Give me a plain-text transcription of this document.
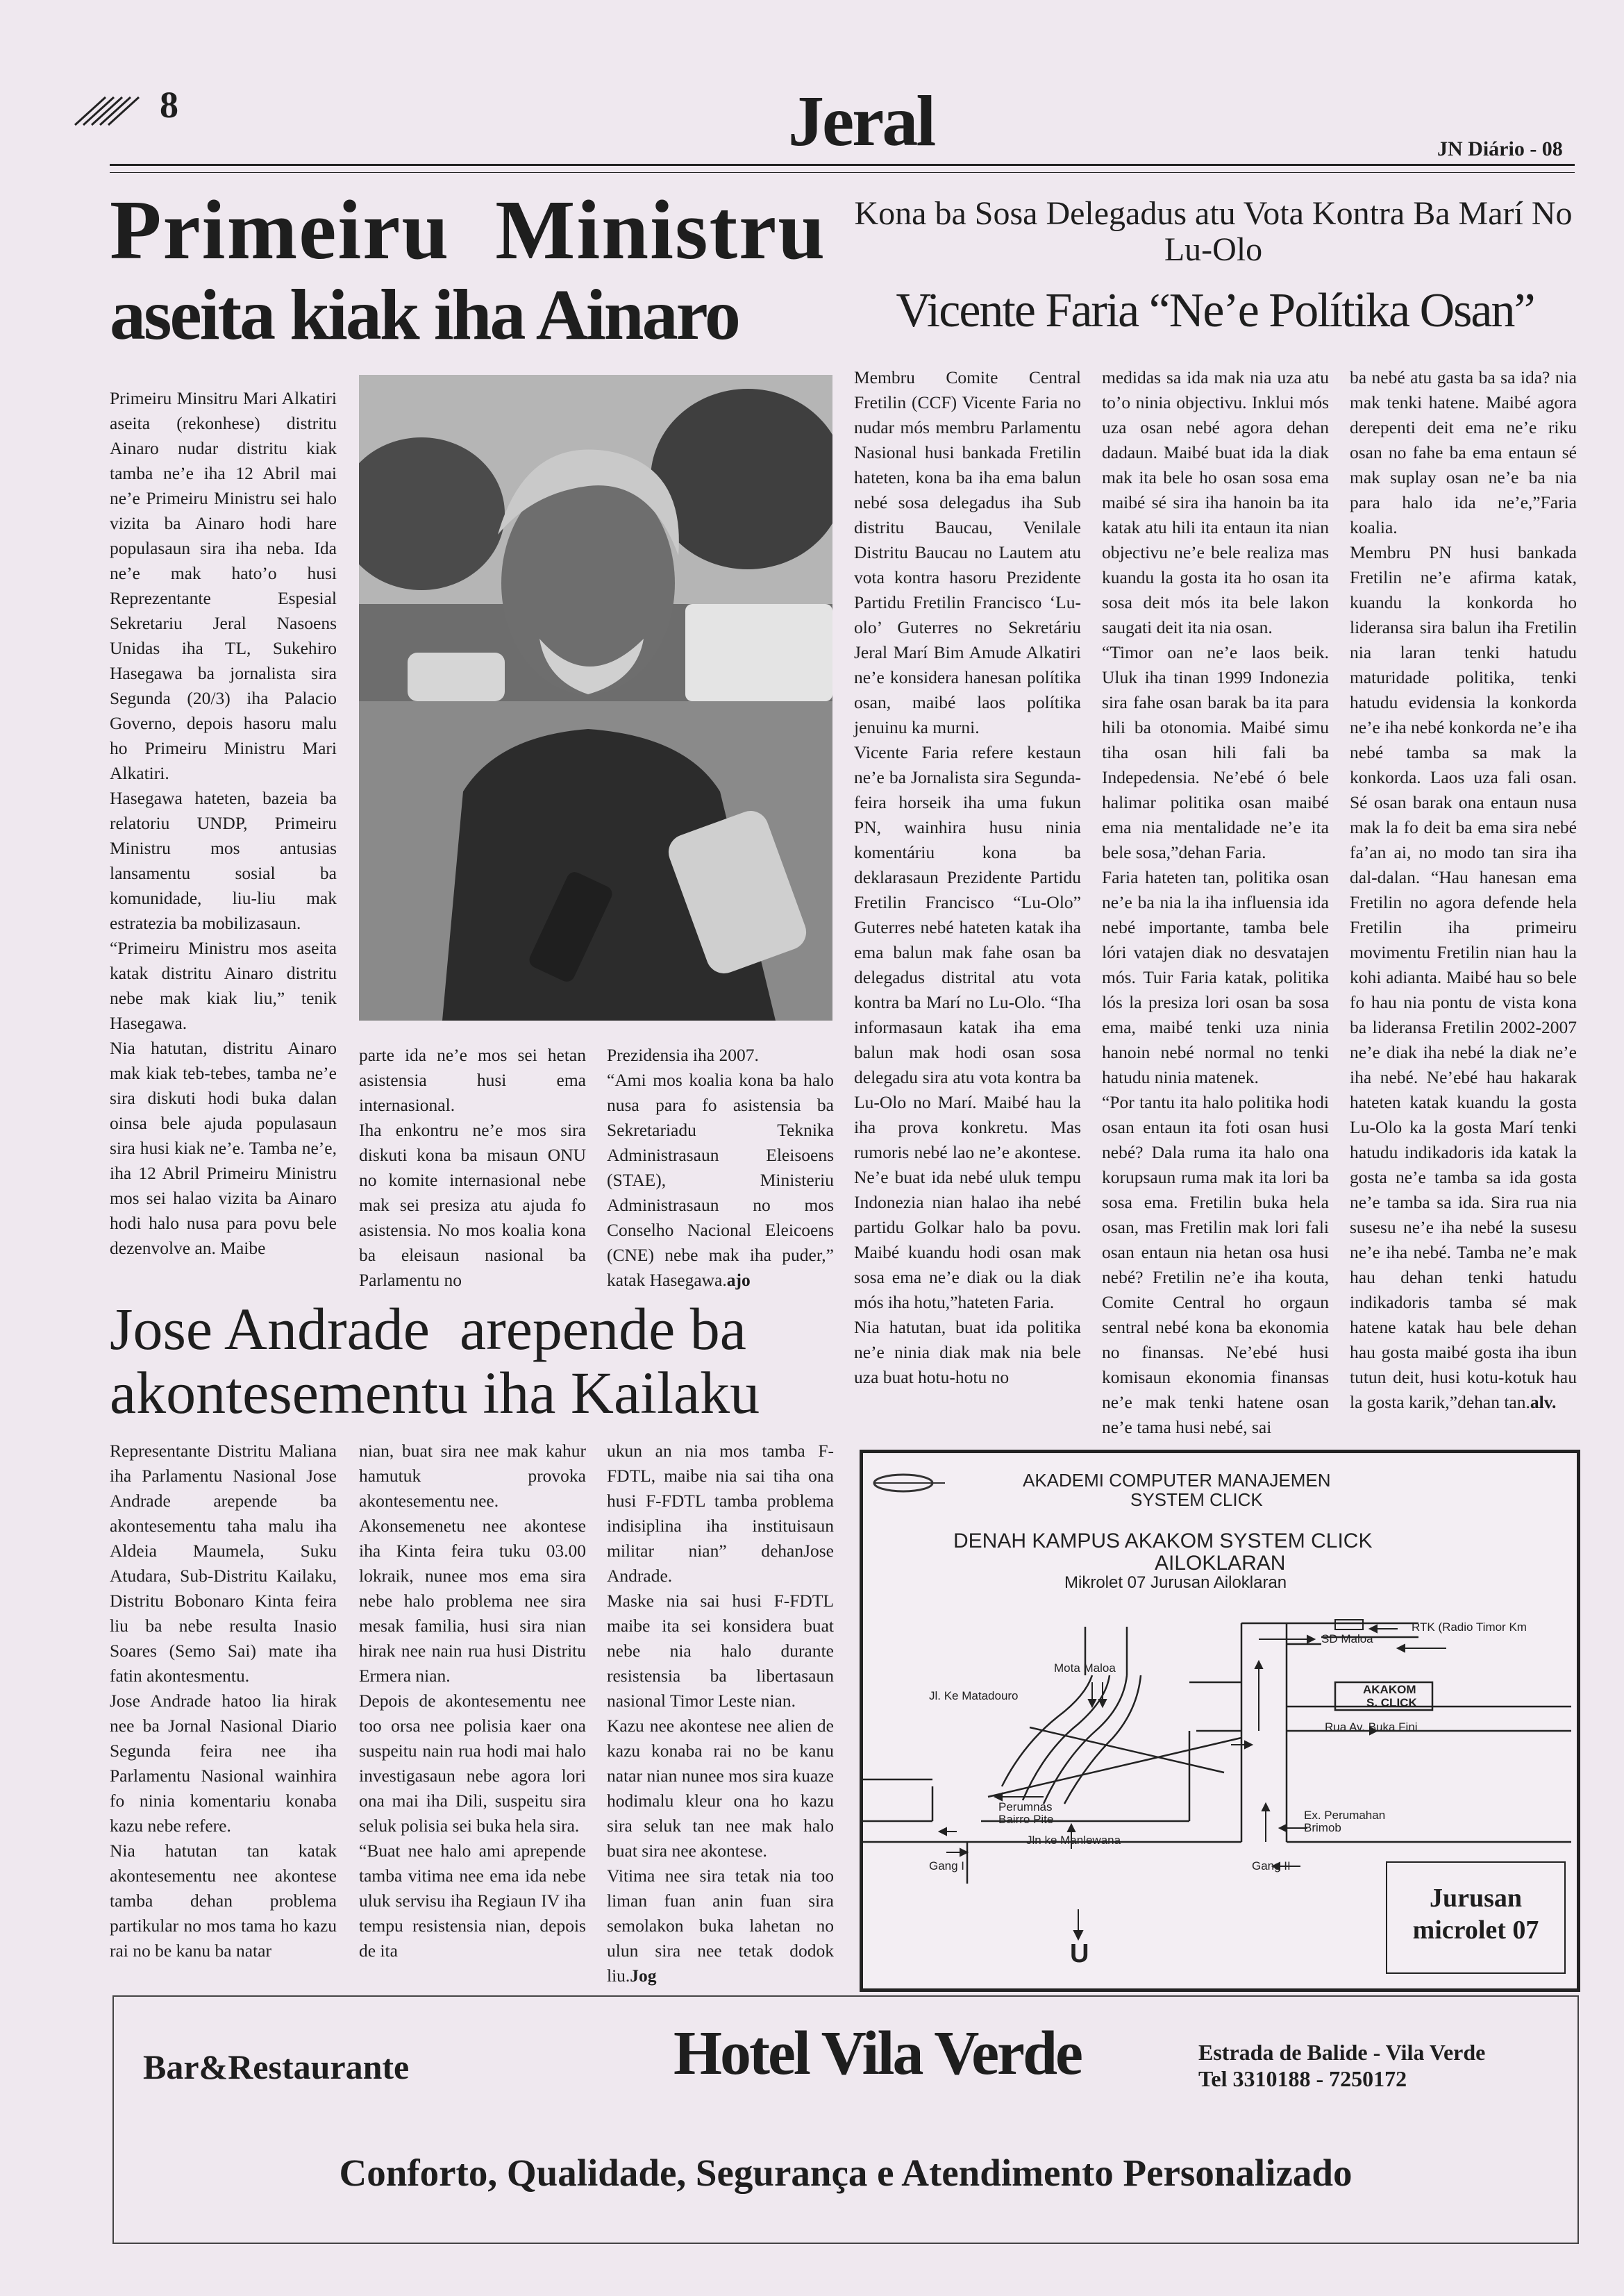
8	Jeral	JN Diário - 08
Primeiru  Ministru
aseita kiak iha Ainaro

Primeiru Minsitru Mari Alkatiri aseita (rekonhese) distritu Ainaro nudar distritu kiak tamba ne’e iha 12 Abril mai ne’e Primeiru Ministru sei halo vizita ba Ainaro hodi hare populasaun sira iha neba. Ida ne’e mak hato’o husi Reprezentante Espesial Sekretariu Jeral Nasoens Unidas iha TL, Sukehiro Hasegawa ba jornalista sira Segunda (20/3) iha Palacio Governo, depois hasoru malu ho Primeiru Ministru Mari Alkatiri.

Hasegawa hateten, bazeia ba relatoriu UNDP, Primeiru Ministru mos antusias lansamentu sosial ba komunidade, liu-liu mak estratezia ba mobilizasaun.

“Primeiru Ministru mos aseita katak distritu Ainaro distritu nebe mak kiak liu,” tenik Hasegawa.

Nia hatutan, distritu Ainaro mak kiak teb-tebes, tamba ne’e sira diskuti hodi buka dalan oinsa bele ajuda populasaun sira husi kiak ne’e. Tamba ne’e, iha 12 Abril Primeiru Ministru mos sei halao vizita ba Ainaro hodi halo nusa para povu bele dezenvolve an. Maibe

parte ida ne’e mos sei hetan asistensia husi ema internasional.

Iha enkontru ne’e mos sira diskuti kona ba misaun ONU no komite internasional nebe mak sei presiza atu ajuda fo asistensia. No mos koalia kona ba eleisaun nasional ba Parlamentu no

Prezidensia iha 2007.

“Ami mos koalia kona ba halo nusa para fo asistensia ba Sekretariadu Teknika Administrasaun Eleisoens (STAE), Ministeriu Administrasaun no mos Conselho Nacional Eleicoens (CNE) nebe mak iha puder,” katak Hasegawa.ajo

Jose Andrade  arepende ba
akontesementu iha Kailaku

Representante Distritu Maliana iha Parlamentu Nasional Jose Andrade arepende ba akontesementu taha malu iha Aldeia Maumela, Suku Atudara, Sub-Distritu Kailaku, Distritu Bobonaro Kinta feira liu ba nebe resulta Inasio Soares (Semo Sai) mate iha fatin akontesmentu.

Jose Andrade hatoo lia hirak nee ba Jornal Nasional Diario Segunda feira nee iha Parlamentu Nasional wainhira fo ninia komentariu konaba kazu nebe refere.

Nia hatutan tan katak akontesementu nee akontese tamba dehan problema partikular no mos tama ho kazu rai no be kanu ba natar

nian, buat sira nee mak kahur hamutuk provoka akontesementu nee.

Akonsemenetu nee akontese iha Kinta feira tuku 03.00 lokraik, nunee mos ema sira nebe halo problema nee sira mesak familia, husi sira nian hirak nee nain rua husi Distritu Ermera nian.

Depois de akontesementu nee too orsa nee polisia kaer ona suspeitu nain rua hodi mai halo investigasaun nebe agora lori ona mai iha Dili, suspeitu sira seluk polisia sei buka hela sira.

“Buat nee halo ami aprepende tamba vitima nee ema ida nebe uluk servisu iha Regiaun IV iha tempu resistensia nian, depois de ita

ukun an nia mos tamba F-FDTL, maibe nia sai tiha ona husi F-FDTL tamba problema indisiplina iha instituisaun militar nian” dehanJose Andrade.

Maske nia sai husi F-FDTL maibe ita sei konsidera buat nebe nia halo durante resistensia ba libertasaun nasional Timor Leste nian.

Kazu nee akontese nee alien de kazu konaba rai no be kanu natar nian nunee mos sira kuaze hodimalu kleur ona ho kazu sira seluk tan nee mak halo buat sira nee akontese.

Vitima nee sira tetak nia too liman fuan anin fuan sira semolakon buka lahetan no ulun sira nee tetak dodok liu.Jog

Kona ba Sosa Delegadus atu Vota Kontra Ba Marí No Lu-Olo
Vicente Faria “Ne’e Polítika Osan”

Membru Comite Central Fretilin (CCF) Vicente Faria no nudar mós membru Parlamentu Nasional husi bankada Fretilin hateten, kona ba iha ema balun nebé sosa delegadus iha Sub distritu Baucau, Venilale Distritu Baucau no Lautem atu vota kontra hasoru Prezidente Partidu Fretilin Francisco ‘Lu-olo’ Guterres no Sekretáriu Jeral Marí Bim Amude Alkatiri ne’e konsidera hanesan polítika osan, maibé laos polítika jenuinu ka murni.

Vicente Faria refere kestaun ne’e ba Jornalista sira Segunda-feira horseik iha uma fukun PN, wainhira husu ninia komentáriu kona ba deklarasaun Prezidente Partidu Fretilin Francisco “Lu-Olo” Guterres nebé hateten katak iha ema balun mak fahe osan ba delegadus distrital atu vota kontra ba Marí no Lu-Olo. “Iha informasaun katak iha ema balun mak hodi osan sosa delegadu sira atu vota kontra ba Lu-Olo no Marí. Maibé hau la iha prova konkretu. Mas rumoris nebé lao ne’e akontese. Ne’e buat ida nebé uluk tempu Indonezia nian halao iha nebé partidu Golkar halo ba povu. Maibé kuandu hodi osan mak sosa ema ne’e diak ou la diak mós iha hotu,”hateten Faria.

Nia hatutan, buat ida politika ne’e ninia diak mak nia bele uza buat hotu-hotu no

medidas sa ida mak nia uza atu to’o ninia objectivu. Inklui mós uza osan nebé agora dehan dadaun. Maibé buat ida la diak mak ita bele ho osan sosa ema maibé sé sira iha hanoin ba ita katak atu hili ita entaun ita nian objectivu ne’e bele realiza mas kuandu la gosta ita ho osan ita sosa deit mós ita bele lakon saugati deit ita nia osan.

“Timor oan ne’e laos beik. Uluk iha tinan 1999 Indonezia sira fahe osan barak ba ita para hili ba otonomia. Maibé simu tiha osan hili fali ba Indepedensia. Ne’ebé ó bele halimar politika osan maibé ema nia mentalidade ne’e ita bele sosa,”dehan Faria.

Faria hateten tan, politika osan ne’e ba nia la iha influensia ida nebé importante, tamba bele lóri vatajen diak no desvatajen mós. Tuir Faria katak, politika lós la presiza lori osan ba sosa ema, maibé tenki uza ninia hanoin nebé normal no tenki hatudu ninia matenek.

“Por tantu ita halo politika hodi osan entaun ita foti osan husi nebé? Dala ruma ita halo ona korupsaun ruma mak ita lori ba sosa ema. Fretilin buka hela osan, mas Fretilin mak lori fali osan entaun nia hetan osa husi nebé? Fretilin ne’e iha kouta, Comite Central ho orgaun sentral nebé kona ba ekonomia no finansas. Ne’ebé husi komisaun ekonomia finansas ne’e mak tenki hatene osan ne’e tama husi nebé, sai

ba nebé atu gasta ba sa ida? nia mak tenki hatene. Maibé agora derepenti deit ema ne’e riku osan no fahe ba ema entaun sé mak suplay osan ne’e ba nia para halo ida ne’e,”Faria koalia.

Membru PN husi bankada Fretilin ne’e afirma katak, kuandu la konkorda ho lideransa sira balun iha Fretilin nia laran tenki hatudu maturidade politika, tenki hatudu evidensia la konkorda ne’e iha nebé konkorda ne’e iha nebé tamba sa mak la konkorda. Laos uza fali osan. Sé osan barak ona entaun nusa mak la fo deit ba ema sira nebé fa’an ai, no modo tan sira iha dal-dalan. “Hau hanesan ema Fretilin no agora defende hela Fretilin iha primeiru movimentu Fretilin nian hau la kohi adianta. Maibé hau so bele fo hau nia pontu de vista kona ba lideransa Fretilin 2002-2007 ne’e diak iha nebé la diak ne’e iha nebé. Ne’ebé hau hakarak hateten katak kuandu la gosta Lu-Olo ka la gosta Marí tenki hatudu indikadoris ida katak la gosta ne’e tamba sa ida gosta ne’e tamba sa ida. Sira rua nia susesu ne’e iha nebé la susesu ne’e iha nebé. Tamba ne’e mak hau dehan tenki hatudu indikadoris tamba sé mak hatene katak hau bele dehan hau gosta maibé gosta iha ibun tutun deit, husi kotu-kotuk hau la gosta karik,”dehan tan.alv.

AKADEMI COMPUTER MANAJEMEN
SYSTEM CLICK
DENAH KAMPUS AKAKOM SYSTEM CLICK
AILOKLARAN
Mikrolet 07 Jurusan Ailoklaran
RTK (Radio Timor Km
SD Maloa
AKAKOM
S. CLICK
Mota Maloa
Jl. Ke Matadouro
Rua Av. Buka Fini
Perumnas
Bairro Pite	Ex. Perumahan
Brimob
Jln ke Manlewana
Gang I	Gang II
U
Jurusan
microlet 07
Bar&Restaurante	Hotel Vila Verde	Estrada de Balide - Vila Verde
Tel 3310188 - 7250172
Conforto, Qualidade, Segurança e Atendimento Personalizado
